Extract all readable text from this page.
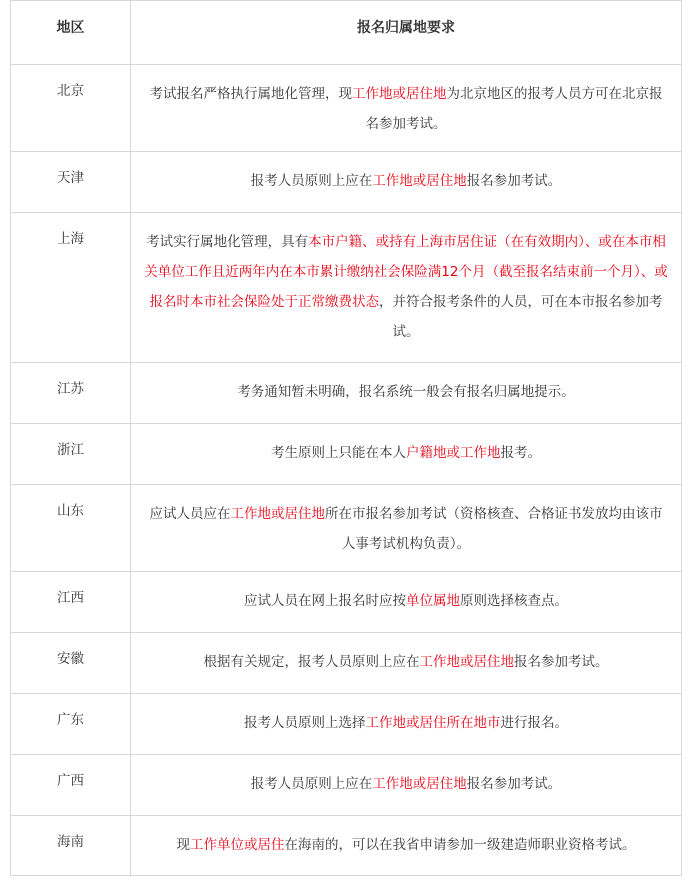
地区	报名归属地要求
北京	考试报名严格执行属地化管理，现工作地或居住地为北京地区的报考人员方可在北京报名参加考试。
天津	报考人员原则上应在工作地或居住地报名参加考试。
上海	考试实行属地化管理，具有本市户籍、或持有上海市居住证（在有效期内）、或在本市相关单位工作且近两年内在本市累计缴纳社会保险满12个月（截至报名结束前一个月）、或报名时本市社会保险处于正常缴费状态，并符合报考条件的人员，可在本市报名参加考试。
江苏	考务通知暂未明确，报名系统一般会有报名归属地提示。
浙江	考生原则上只能在本人户籍地或工作地报考。
山东	应试人员应在工作地或居住地所在市报名参加考试（资格核查、合格证书发放均由该市人事考试机构负责）。
江西	应试人员在网上报名时应按单位属地原则选择核查点。
安徽	根据有关规定，报考人员原则上应在工作地或居住地报名参加考试。
广东	报考人员原则上选择工作地或居住所在地市进行报名。
广西	报考人员原则上应在工作地或居住地报名参加考试。
海南	现工作单位或居住在海南的，可以在我省申请参加一级建造师职业资格考试。
